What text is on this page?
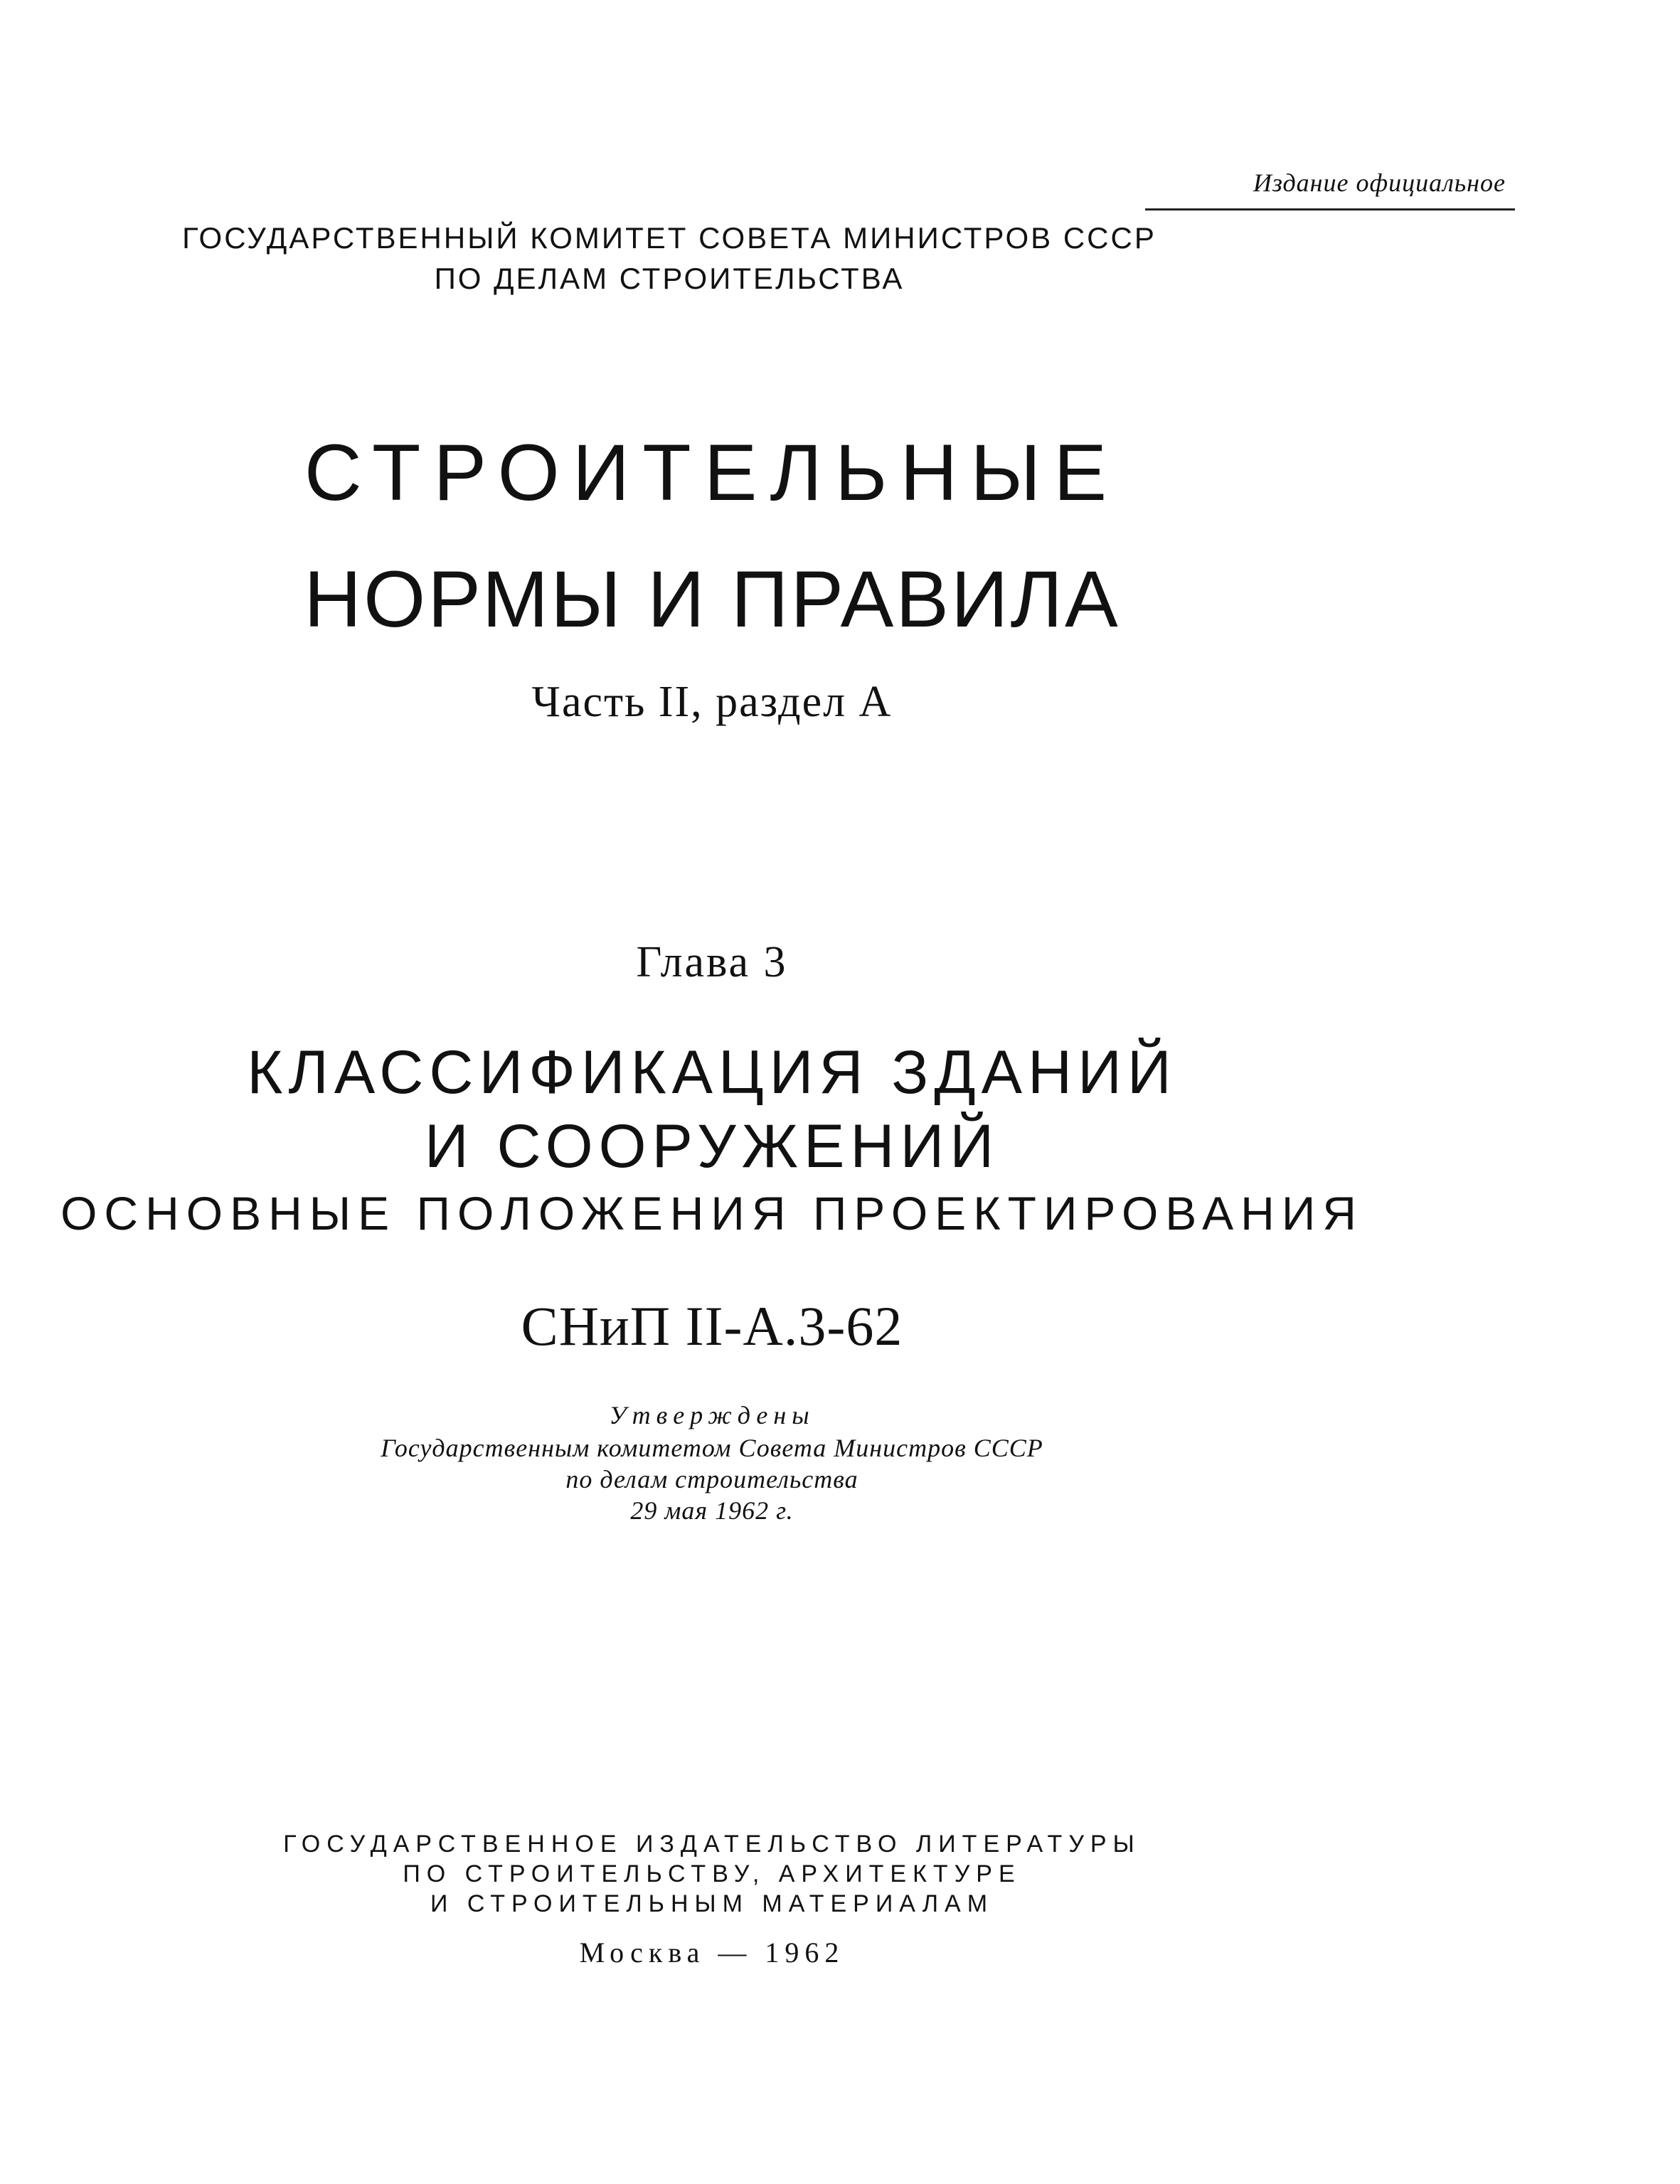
Издание официальное
ГОСУДАРСТВЕННЫЙ КОМИТЕТ СОВЕТА МИНИСТРОВ СССР
ПО ДЕЛАМ СТРОИТЕЛЬСТВА
СТРОИТЕЛЬНЫЕ
НОРМЫ И ПРАВИЛА
Часть II, раздел А
Глава 3
КЛАССИФИКАЦИЯ ЗДАНИЙ
И СООРУЖЕНИЙ
ОСНОВНЫЕ ПОЛОЖЕНИЯ ПРОЕКТИРОВАНИЯ
СНиП II-А.3-62
Утверждены
Государственным комитетом Совета Министров СССР
по делам строительства
29 мая 1962 г.
ГОСУДАРСТВЕННОЕ ИЗДАТЕЛЬСТВО ЛИТЕРАТУРЫ
ПО СТРОИТЕЛЬСТВУ, АРХИТЕКТУРЕ
И СТРОИТЕЛЬНЫМ МАТЕРИАЛАМ
Москва — 1962
